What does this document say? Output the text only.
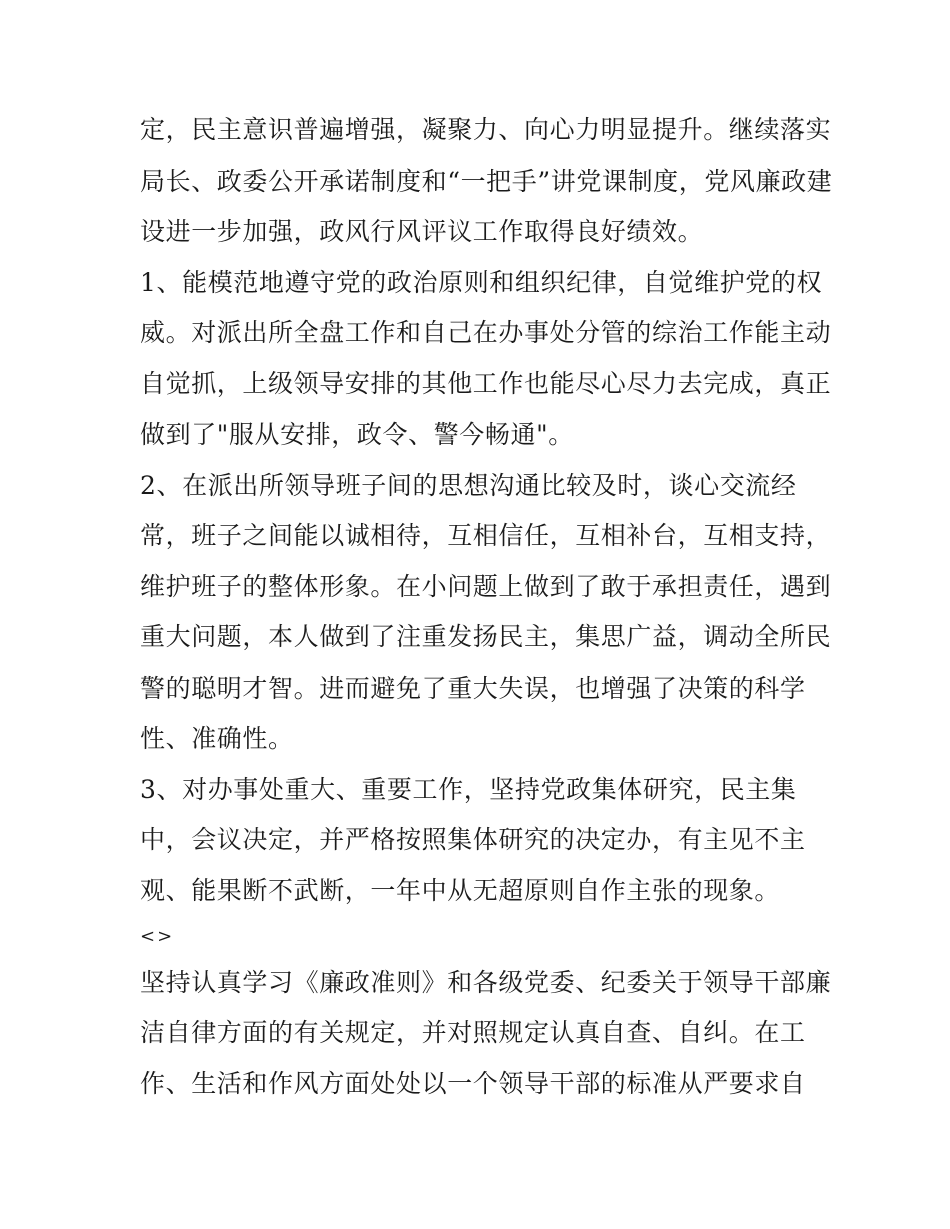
定，民主意识普遍增强，凝聚力、向心力明显提升。继续落实
局长、政委公开承诺制度和“一把手”讲党课制度，党风廉政建
设进一步加强，政风行风评议工作取得良好绩效。
1、能模范地遵守党的政治原则和组织纪律，自觉维护党的权
威。对派出所全盘工作和自己在办事处分管的综治工作能主动
自觉抓，上级领导安排的其他工作也能尽心尽力去完成，真正
做到了"服从安排，政令、警今畅通"。
2、在派出所领导班子间的思想沟通比较及时，谈心交流经
常，班子之间能以诚相待，互相信任，互相补台，互相支持，
维护班子的整体形象。在小问题上做到了敢于承担责任，遇到
重大问题，本人做到了注重发扬民主，集思广益，调动全所民
警的聪明才智。进而避免了重大失误，也增强了决策的科学
性、准确性。
3、对办事处重大、重要工作，坚持党政集体研究，民主集
中，会议决定，并严格按照集体研究的决定办，有主见不主
观、能果断不武断，一年中从无超原则自作主张的现象。
<>
坚持认真学习《廉政准则》和各级党委、纪委关于领导干部廉
洁自律方面的有关规定，并对照规定认真自查、自纠。在工
作、生活和作风方面处处以一个领导干部的标准从严要求自
